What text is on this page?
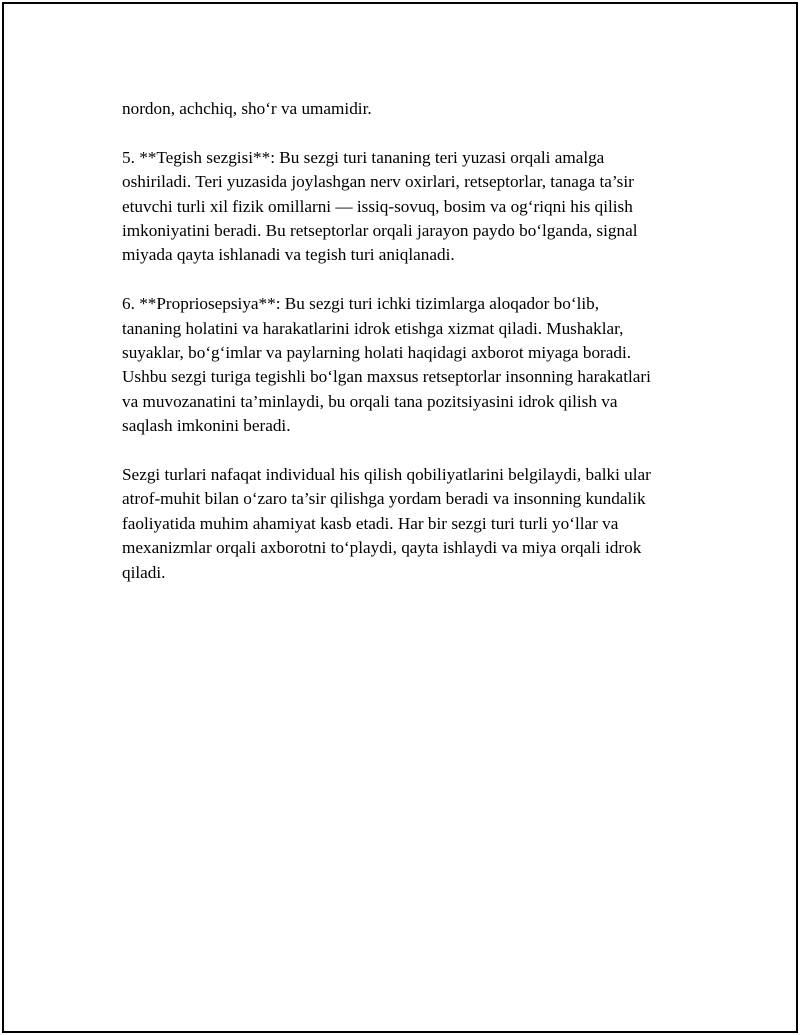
nordon, achchiq, sho‘r va umamidir.

5. **Tegish sezgisi**: Bu sezgi turi tananing teri yuzasi orqali amalga
oshiriladi. Teri yuzasida joylashgan nerv oxirlari, retseptorlar, tanaga ta’sir
etuvchi turli xil fizik omillarni — issiq-sovuq, bosim va og‘riqni his qilish
imkoniyatini beradi. Bu retseptorlar orqali jarayon paydo bo‘lganda, signal
miyada qayta ishlanadi va tegish turi aniqlanadi.

6. **Propriosepsiya**: Bu sezgi turi ichki tizimlarga aloqador bo‘lib,
tananing holatini va harakatlarini idrok etishga xizmat qiladi. Mushaklar,
suyaklar, bo‘g‘imlar va paylarning holati haqidagi axborot miyaga boradi.
Ushbu sezgi turiga tegishli bo‘lgan maxsus retseptorlar insonning harakatlari
va muvozanatini ta’minlaydi, bu orqali tana pozitsiyasini idrok qilish va
saqlash imkonini beradi.

Sezgi turlari nafaqat individual his qilish qobiliyatlarini belgilaydi, balki ular
atrof-muhit bilan o‘zaro ta’sir qilishga yordam beradi va insonning kundalik
faoliyatida muhim ahamiyat kasb etadi. Har bir sezgi turi turli yo‘llar va
mexanizmlar orqali axborotni to‘playdi, qayta ishlaydi va miya orqali idrok
qiladi.
